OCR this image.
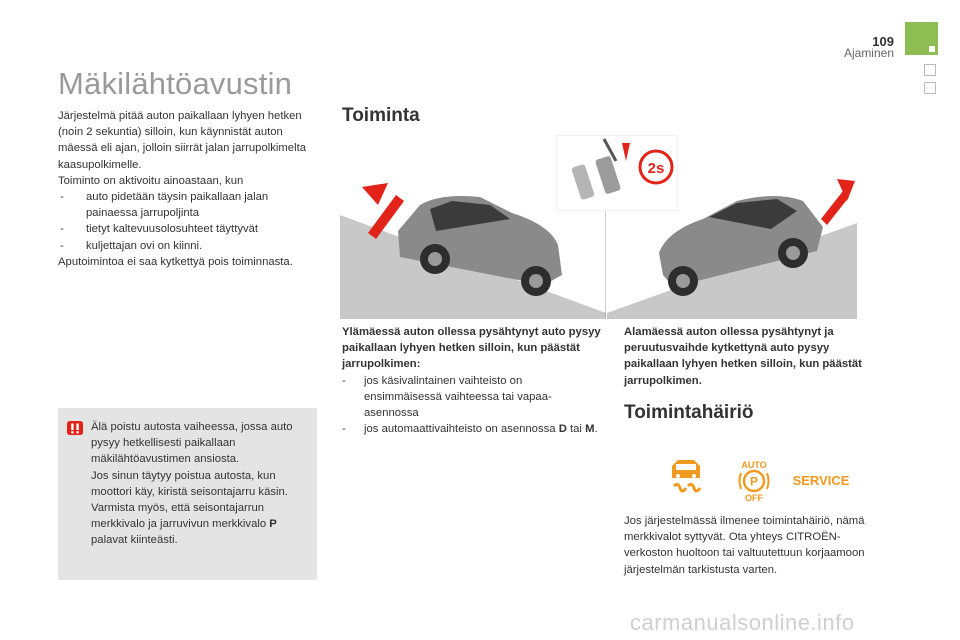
109
Ajaminen
Mäkilähtöavustin

Järjestelmä pitää auton paikallaan lyhyen hetken (noin 2 sekuntia) silloin, kun käynnistät auton mäessä eli ajan, jolloin siirrät jalan jarrupolkimelta kaasupolkimelle.

Toiminto on aktivoitu ainoastaan, kun

- auto pidetään täysin paikallaan jalan painaessa jarrupoljinta

- tietyt kaltevuusolosuhteet täyttyvät

- kuljettajan ovi on kiinni.

Aputoimintoa ei saa kytkettyä pois toiminnasta.

Älä poistu autosta vaiheessa, jossa auto pysyy hetkellisesti paikallaan mäkilähtöavustimen ansiosta.

Jos sinun täytyy poistua autosta, kun moottori käy, kiristä seisontajarru käsin. Varmista myös, että seisontajarrun merkkivalo ja jarruvivun merkkivalo P palavat kiinteästi.

Toiminta
2s

Ylämäessä auton ollessa pysähtynyt auto pysyy paikallaan lyhyen hetken silloin, kun päästät jarrupolkimen:

- jos käsivalintainen vaihteisto on ensimmäisessä vaihteessa tai vapaa-asennossa

- jos automaattivaihteisto on asennossa D tai M.

Alamäessä auton ollessa pysähtynyt ja peruutusvaihde kytkettynä auto pysyy paikallaan lyhyen hetken silloin, kun päästät jarrupolkimen.

Toimintahäiriö
AUTO
P
OFF
SERVICE
Jos järjestelmässä ilmenee toimintahäiriö, nämä merkkivalot syttyvät. Ota yhteys CITROËN-verkoston huoltoon tai valtuutettuun korjaamoon järjestelmän tarkistusta varten.
carmanualsonline.info
